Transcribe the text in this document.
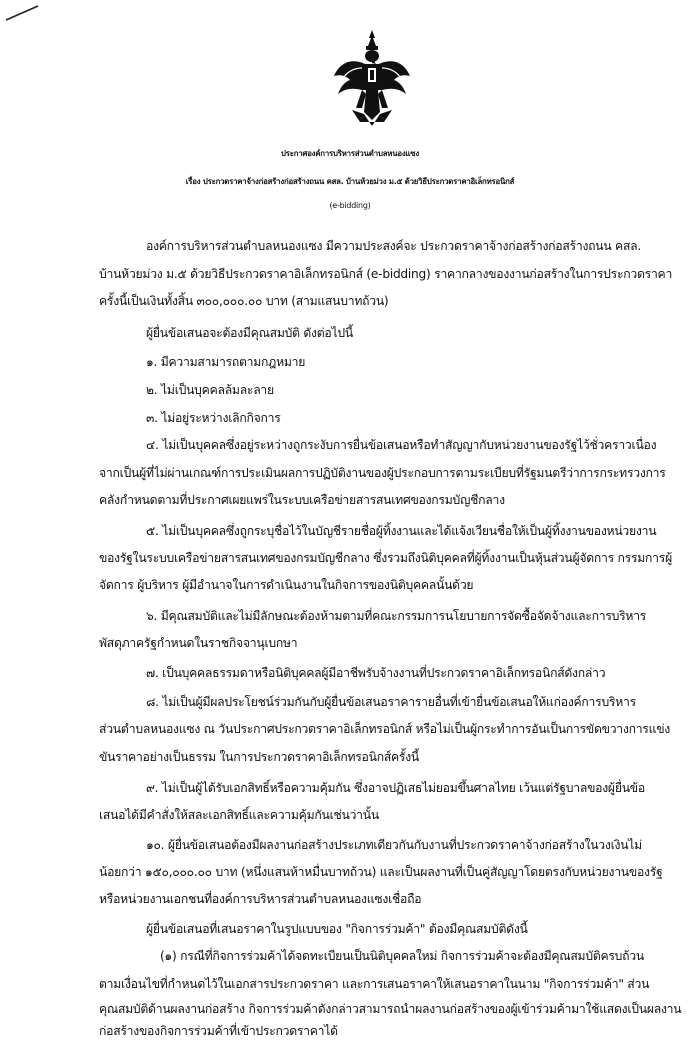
ประกาศองค์การบริหารส่วนตำบลหนองแซง
เรื่อง ประกวดราคาจ้างก่อสร้างก่อสร้างถนน คสล. บ้านห้วยม่วง ม.๕ ด้วยวิธีประกวดราคาอิเล็กทรอนิกส์
(e-bidding)
องค์การบริหารส่วนตำบลหนองแซง มีความประสงค์จะ ประกวดราคาจ้างก่อสร้างก่อสร้างถนน คสล.
บ้านห้วยม่วง ม.๕ ด้วยวิธีประกวดราคาอิเล็กทรอนิกส์ (e-bidding) ราคากลางของงานก่อสร้างในการประกวดราคา
ครั้งนี้เป็นเงินทั้งสิ้น ๓๐๐,๐๐๐.๐๐ บาท (สามแสนบาทถ้วน)
ผู้ยื่นข้อเสนอจะต้องมีคุณสมบัติ ดังต่อไปนี้
๑. มีความสามารถตามกฎหมาย
๒. ไม่เป็นบุคคลล้มละลาย
๓. ไม่อยู่ระหว่างเลิกกิจการ
๔. ไม่เป็นบุคคลซึ่งอยู่ระหว่างถูกระงับการยื่นข้อเสนอหรือทำสัญญากับหน่วยงานของรัฐไว้ชั่วคราวเนื่อง
จากเป็นผู้ที่ไม่ผ่านเกณฑ์การประเมินผลการปฏิบัติงานของผู้ประกอบการตามระเบียบที่รัฐมนตรีว่าการกระทรวงการ
คลังกำหนดตามที่ประกาศเผยแพร่ในระบบเครือข่ายสารสนเทศของกรมบัญชีกลาง
๕. ไม่เป็นบุคคลซึ่งถูกระบุชื่อไว้ในบัญชีรายชื่อผู้ทิ้งงานและได้แจ้งเวียนชื่อให้เป็นผู้ทิ้งงานของหน่วยงาน
ของรัฐในระบบเครือข่ายสารสนเทศของกรมบัญชีกลาง ซึ่งรวมถึงนิติบุคคลที่ผู้ทิ้งงานเป็นหุ้นส่วนผู้จัดการ กรรมการผู้
จัดการ ผู้บริหาร ผู้มีอำนาจในการดำเนินงานในกิจการของนิติบุคคลนั้นด้วย
๖. มีคุณสมบัติและไม่มีลักษณะต้องห้ามตามที่คณะกรรมการนโยบายการจัดซื้อจัดจ้างและการบริหาร
พัสดุภาครัฐกำหนดในราชกิจจานุเบกษา
๗. เป็นบุคคลธรรมดาหรือนิติบุคคลผู้มีอาชีพรับจ้างงานที่ประกวดราคาอิเล็กทรอนิกส์ดังกล่าว
๘. ไม่เป็นผู้มีผลประโยชน์ร่วมกันกับผู้ยื่นข้อเสนอราคารายอื่นที่เข้ายื่นข้อเสนอให้แก่องค์การบริหาร
ส่วนตำบลหนองแซง ณ วันประกาศประกวดราคาอิเล็กทรอนิกส์ หรือไม่เป็นผู้กระทำการอันเป็นการขัดขวางการแข่ง
ขันราคาอย่างเป็นธรรม ในการประกวดราคาอิเล็กทรอนิกส์ครั้งนี้
๙. ไม่เป็นผู้ได้รับเอกสิทธิ์หรือความคุ้มกัน ซึ่งอาจปฏิเสธไม่ยอมขึ้นศาลไทย เว้นแต่รัฐบาลของผู้ยื่นข้อ
เสนอได้มีคำสั่งให้สละเอกสิทธิ์และความคุ้มกันเช่นว่านั้น
๑๐. ผู้ยื่นข้อเสนอต้องมีผลงานก่อสร้างประเภทเดียวกันกับงานที่ประกวดราคาจ้างก่อสร้างในวงเงินไม่
น้อยกว่า ๑๕๐,๐๐๐.๐๐ บาท (หนึ่งแสนห้าหมื่นบาทถ้วน) และเป็นผลงานที่เป็นคู่สัญญาโดยตรงกับหน่วยงานของรัฐ
หรือหน่วยงานเอกชนที่องค์การบริหารส่วนตำบลหนองแซงเชื่อถือ
ผู้ยื่นข้อเสนอที่เสนอราคาในรูปแบบของ "กิจการร่วมค้า" ต้องมีคุณสมบัติดังนี้
(๑) กรณีที่กิจการร่วมค้าได้จดทะเบียนเป็นนิติบุคคลใหม่ กิจการร่วมค้าจะต้องมีคุณสมบัติครบถ้วน
ตามเงื่อนไขที่กำหนดไว้ในเอกสารประกวดราคา และการเสนอราคาให้เสนอราคาในนาม "กิจการร่วมค้า" ส่วน
คุณสมบัติด้านผลงานก่อสร้าง กิจการร่วมค้าดังกล่าวสามารถนำผลงานก่อสร้างของผู้เข้าร่วมค้ามาใช้แสดงเป็นผลงาน
ก่อสร้างของกิจการร่วมค้าที่เข้าประกวดราคาได้
